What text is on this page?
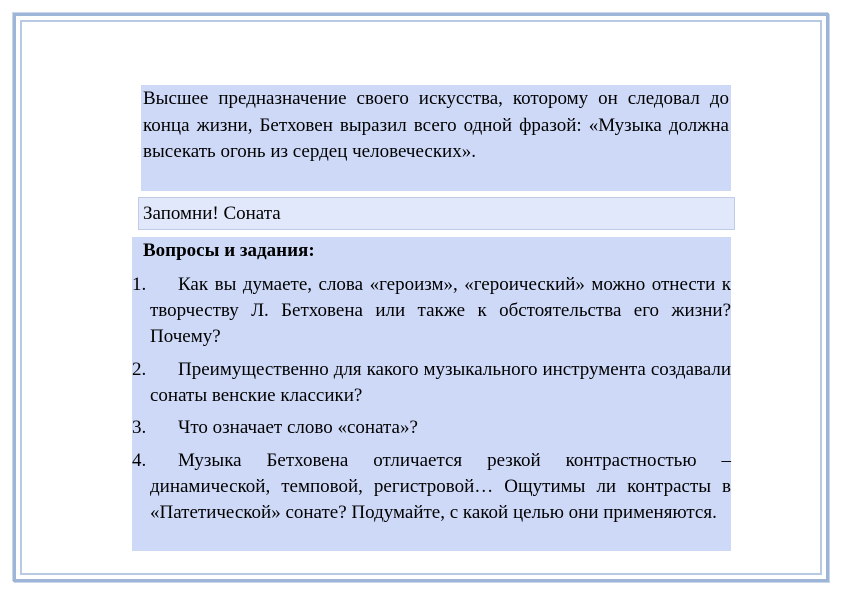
Высшее предназначение своего искусства, которому он следовал до конца жизни, Бетховен выразил всего одной фразой: «Музыка должна высекать огонь из сердец человеческих».
Запомни! Соната

Вопросы и задания:

1.	Как вы думаете, слова «героизм», «героический» можно отнести к творчеству Л. Бетховена или также к обстоятельства его жизни? Почему?
2.	Преимущественно для какого музыкального инструмента создавали сонаты венские классики?
3.	Что означает слово «соната»?
4.	Музыка Бетховена отличается резкой контрастностью – динамической, темповой, регистровой… Ощутимы ли контрасты в «Патетической» сонате? Подумайте, с какой целью они применяются.
